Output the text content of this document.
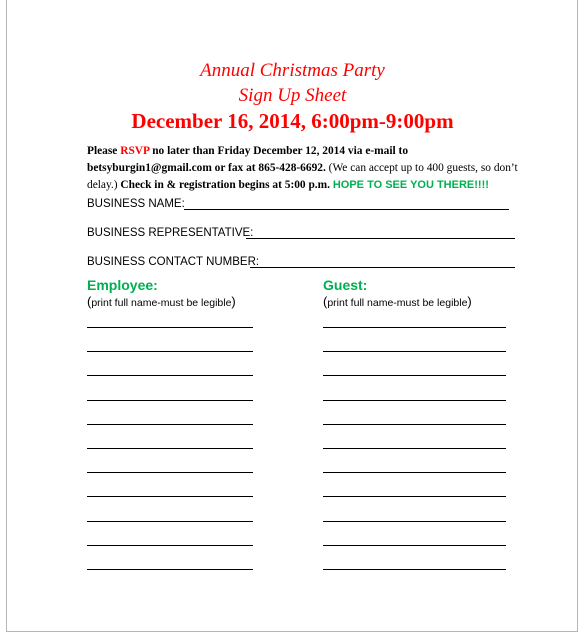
Annual Christmas Party
Sign Up Sheet
December 16, 2014, 6:00pm-9:00pm
Please RSVP no later than Friday December 12, 2014 via e-mail to betsyburgin1@gmail.com or fax at 865-428-6692. (We can accept up to 400 guests, so don’t delay.) Check in & registration begins at 5:00 p.m. HOPE TO SEE YOU THERE!!!!
BUSINESS NAME:
BUSINESS REPRESENTATIVE:
BUSINESS CONTACT NUMBER:
Employee:
(print full name-must be legible)
Guest:
(print full name-must be legible)
